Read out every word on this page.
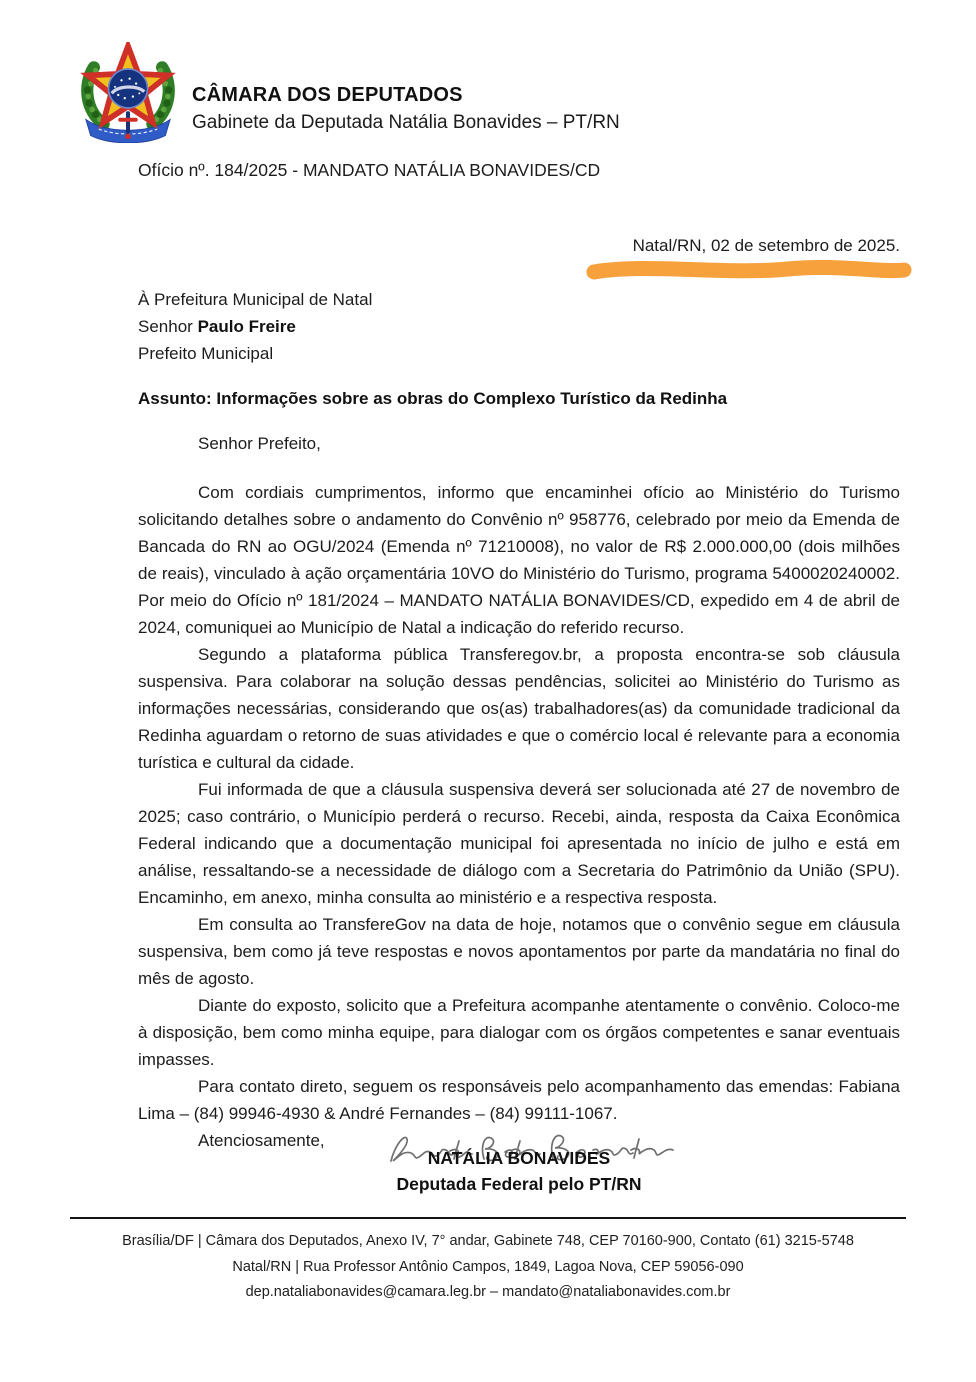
CÂMARA DOS DEPUTADOS
Gabinete da Deputada Natália Bonavides – PT/RN
Ofício nº. 184/2025 - MANDATO NATÁLIA BONAVIDES/CD
Natal/RN, 02 de setembro de 2025.
À Prefeitura Municipal de Natal
Senhor Paulo Freire
Prefeito Municipal
Assunto: Informações sobre as obras do Complexo Turístico da Redinha
Senhor Prefeito,

Com cordiais cumprimentos, informo que encaminhei ofício ao Ministério do Turismo solicitando detalhes sobre o andamento do Convênio nº 958776, celebrado por meio da Emenda de Bancada do RN ao OGU/2024 (Emenda nº 71210008), no valor de R$ 2.000.000,00 (dois milhões de reais), vinculado à ação orçamentária 10VO do Ministério do Turismo, programa 5400020240002. Por meio do Ofício nº 181/2024 – MANDATO NATÁLIA BONAVIDES/CD, expedido em 4 de abril de 2024, comuniquei ao Município de Natal a indicação do referido recurso.

Segundo a plataforma pública Transferegov.br, a proposta encontra-se sob cláusula suspensiva. Para colaborar na solução dessas pendências, solicitei ao Ministério do Turismo as informações necessárias, considerando que os(as) trabalhadores(as) da comunidade tradicional da Redinha aguardam o retorno de suas atividades e que o comércio local é relevante para a economia turística e cultural da cidade.

Fui informada de que a cláusula suspensiva deverá ser solucionada até 27 de novembro de 2025; caso contrário, o Município perderá o recurso. Recebi, ainda, resposta da Caixa Econômica Federal indicando que a documentação municipal foi apresentada no início de julho e está em análise, ressaltando-se a necessidade de diálogo com a Secretaria do Patrimônio da União (SPU). Encaminho, em anexo, minha consulta ao ministério e a respectiva resposta.

Em consulta ao TransfereGov na data de hoje, notamos que o convênio segue em cláusula suspensiva, bem como já teve respostas e novos apontamentos por parte da mandatária no final do mês de agosto.

Diante do exposto, solicito que a Prefeitura acompanhe atentamente o convênio. Coloco-me à disposição, bem como minha equipe, para dialogar com os órgãos competentes e sanar eventuais impasses.

Para contato direto, seguem os responsáveis pelo acompanhamento das emendas: Fabiana Lima – (84) 99946-4930 & André Fernandes – (84) 99111-1067.

Atenciosamente,
NATÁLIA BONAVIDES
Deputada Federal pelo PT/RN
Brasília/DF | Câmara dos Deputados, Anexo IV, 7° andar, Gabinete 748, CEP 70160-900, Contato (61) 3215-5748
Natal/RN | Rua Professor Antônio Campos, 1849, Lagoa Nova, CEP 59056-090
dep.nataliabonavides@camara.leg.br – mandato@nataliabonavides.com.br
